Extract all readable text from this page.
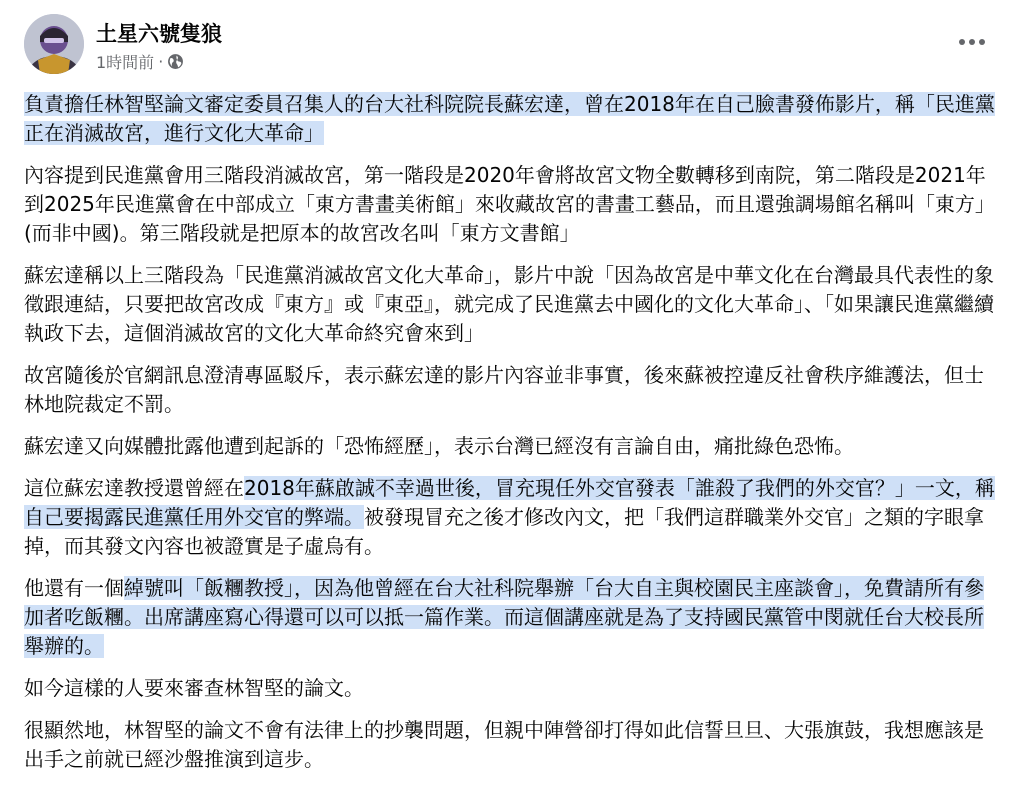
土星六號隻狼
1時間前 ·

負責擔任林智堅論文審定委員召集人的台大社科院院長蘇宏達，曾在2018年在自己臉書發佈影片，稱「民進黨正在消滅故宮，進行文化大革命」

內容提到民進黨會用三階段消滅故宮，第一階段是2020年會將故宮文物全數轉移到南院，第二階段是2021年到2025年民進黨會在中部成立「東方書畫美術館」來收藏故宮的書畫工藝品，而且還強調場館名稱叫「東方」(而非中國)。第三階段就是把原本的故宮改名叫「東方文書館」

蘇宏達稱以上三階段為「民進黨消滅故宮文化大革命」，影片中說「因為故宮是中華文化在台灣最具代表性的象徵跟連結，只要把故宮改成『東方』或『東亞』，就完成了民進黨去中國化的文化大革命」、「如果讓民進黨繼續執政下去，這個消滅故宮的文化大革命終究會來到」

故宮隨後於官網訊息澄清專區駁斥，表示蘇宏達的影片內容並非事實，後來蘇被控違反社會秩序維護法，但士林地院裁定不罰。

蘇宏達又向媒體批露他遭到起訴的「恐怖經歷」，表示台灣已經沒有言論自由，痛批綠色恐怖。

這位蘇宏達教授還曾經在2018年蘇啟誠不幸過世後，冒充現任外交官發表「誰殺了我們的外交官？」一文，稱自己要揭露民進黨任用外交官的弊端。被發現冒充之後才修改內文，把「我們這群職業外交官」之類的字眼拿掉，而其發文內容也被證實是子虛烏有。

他還有一個綽號叫「飯糰教授」，因為他曾經在台大社科院舉辦「台大自主與校園民主座談會」，免費請所有參加者吃飯糰。出席講座寫心得還可以可以抵一篇作業。而這個講座就是為了支持國民黨管中閔就任台大校長所舉辦的。

如今這樣的人要來審查林智堅的論文。

很顯然地，林智堅的論文不會有法律上的抄襲問題，但親中陣營卻打得如此信誓旦旦、大張旗鼓，我想應該是出手之前就已經沙盤推演到這步。
